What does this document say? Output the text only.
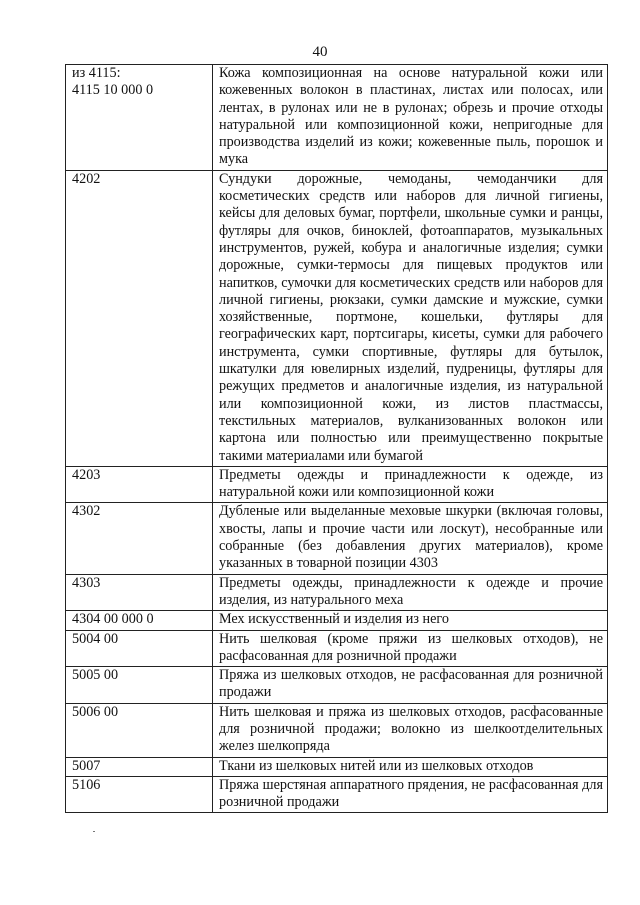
40
из 4115:
4115 10 000 0	Кожа композиционная на основе натуральной кожи или кожевенных волокон в пластинах, листах или полосах, или лентах, в рулонах или не в рулонах; обрезь и прочие отходы натуральной или композиционной кожи, непригодные для производства изделий из кожи; кожевенные пыль, порошок и мука
4202	Сундуки дорожные, чемоданы, чемоданчики для косметических средств или наборов для личной гигиены, кейсы для деловых бумаг, портфели, школьные сумки и ранцы, футляры для очков, биноклей, фотоаппаратов, музыкальных инструментов, ружей, кобура и аналогичные изделия; сумки дорожные, сумки-термосы для пищевых продуктов или напитков, сумочки для косметических средств или наборов для личной гигиены, рюкзаки, сумки дамские и мужские, сумки хозяйственные, портмоне, кошельки, футляры для географических карт, портсигары, кисеты, сумки для рабочего инструмента, сумки спортивные, футляры для бутылок, шкатулки для ювелирных изделий, пудреницы, футляры для режущих предметов и аналогичные изделия, из натуральной или композиционной кожи, из листов пластмассы, текстильных материалов, вулканизованных волокон или картона или полностью или преимущественно покрытые такими материалами или бумагой
4203	Предметы одежды и принадлежности к одежде, из натуральной кожи или композиционной кожи
4302	Дубленые или выделанные меховые шкурки (включая головы, хвосты, лапы и прочие части или лоскут), несобранные или собранные (без добавления других материалов), кроме указанных в товарной позиции 4303
4303	Предметы одежды, принадлежности к одежде и прочие изделия, из натурального меха
4304 00 000 0	Мех искусственный и изделия из него
5004 00	Нить шелковая (кроме пряжи из шелковых отходов), не расфасованная для розничной продажи
5005 00	Пряжа из шелковых отходов, не расфасованная для розничной продажи
5006 00	Нить шелковая и пряжа из шелковых отходов, расфасованные для розничной продажи; волокно из шелкоотделительных желез шелкопряда
5007	Ткани из шелковых нитей или из шелковых отходов
5106	Пряжа шерстяная аппаратного прядения, не расфасованная для розничной продажи
